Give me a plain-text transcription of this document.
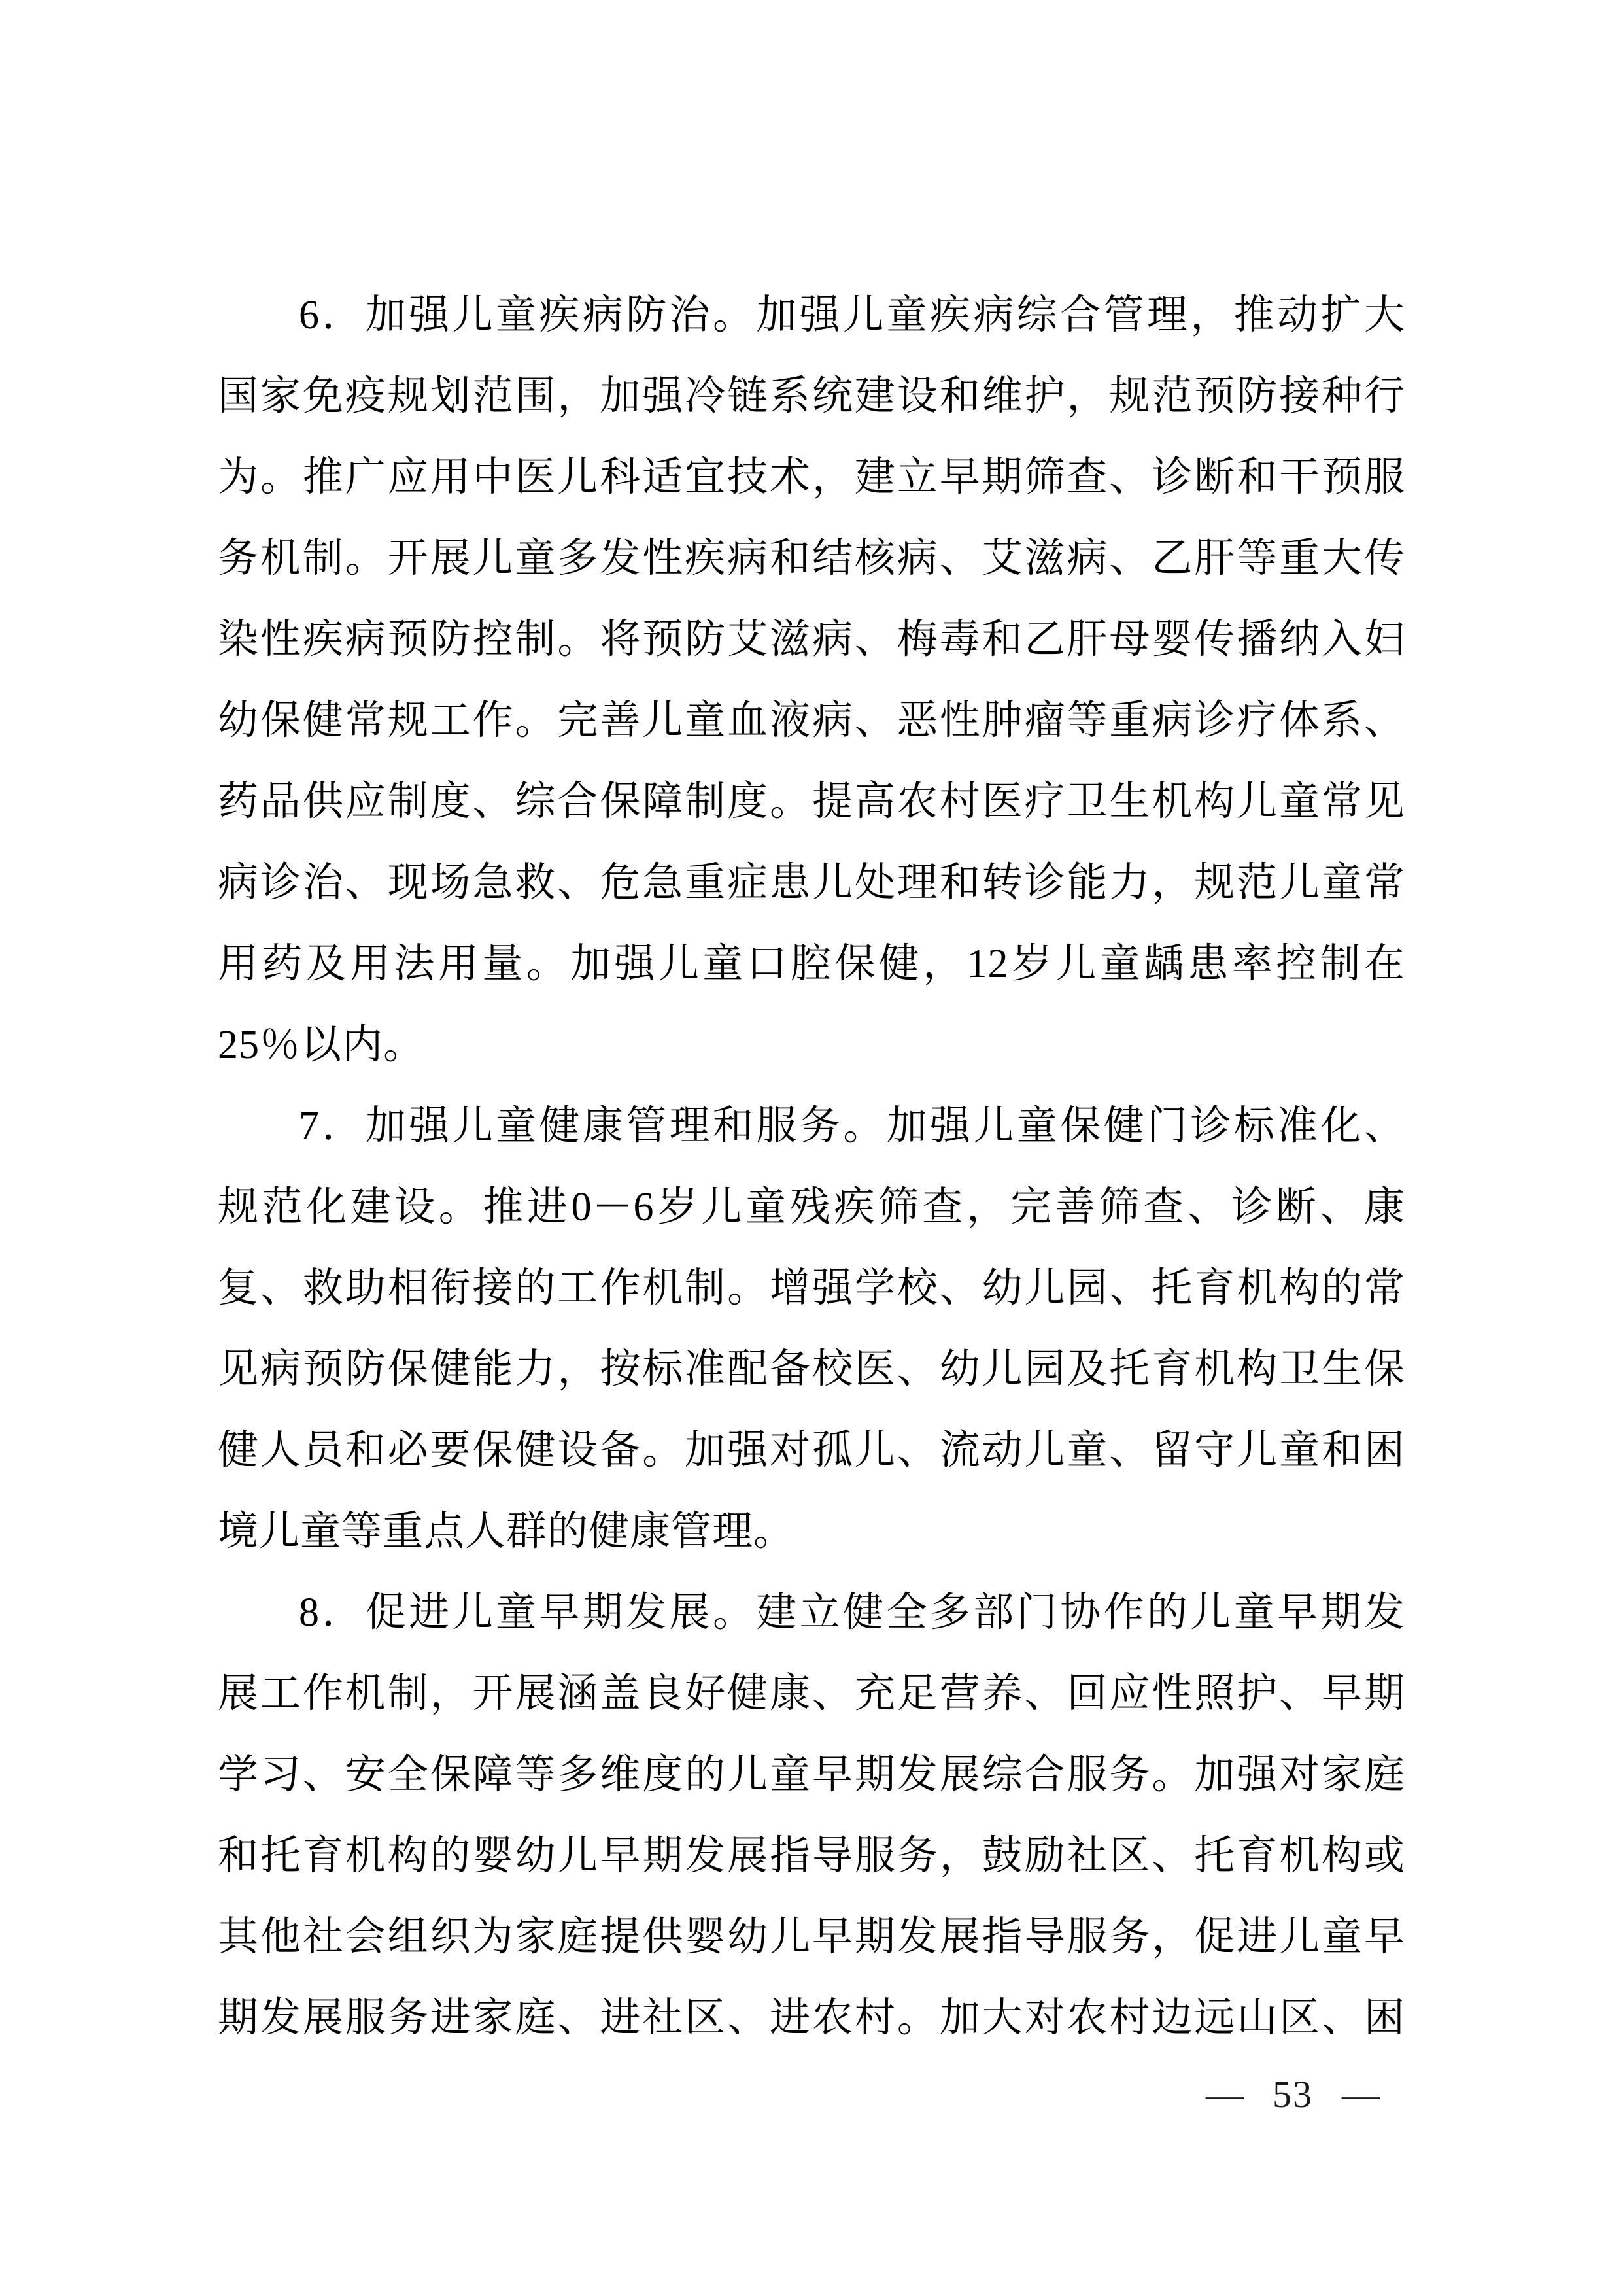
6．加强儿童疾病防治。加强儿童疾病综合管理，推动扩大
国家免疫规划范围，加强冷链系统建设和维护，规范预防接种行
为。推广应用中医儿科适宜技术，建立早期筛查、诊断和干预服
务机制。开展儿童多发性疾病和结核病、艾滋病、乙肝等重大传
染性疾病预防控制。将预防艾滋病、梅毒和乙肝母婴传播纳入妇
幼保健常规工作。完善儿童血液病、恶性肿瘤等重病诊疗体系、
药品供应制度、综合保障制度。提高农村医疗卫生机构儿童常见
病诊治、现场急救、危急重症患儿处理和转诊能力，规范儿童常
用药及用法用量。加强儿童口腔保健，12岁儿童龋患率控制在
25％以内。
7．加强儿童健康管理和服务。加强儿童保健门诊标准化、
规范化建设。推进0－6岁儿童残疾筛查，完善筛查、诊断、康
复、救助相衔接的工作机制。增强学校、幼儿园、托育机构的常
见病预防保健能力，按标准配备校医、幼儿园及托育机构卫生保
健人员和必要保健设备。加强对孤儿、流动儿童、留守儿童和困
境儿童等重点人群的健康管理。
8．促进儿童早期发展。建立健全多部门协作的儿童早期发
展工作机制，开展涵盖良好健康、充足营养、回应性照护、早期
学习、安全保障等多维度的儿童早期发展综合服务。加强对家庭
和托育机构的婴幼儿早期发展指导服务，鼓励社区、托育机构或
其他社会组织为家庭提供婴幼儿早期发展指导服务，促进儿童早
期发展服务进家庭、进社区、进农村。加大对农村边远山区、困
— 53 —
